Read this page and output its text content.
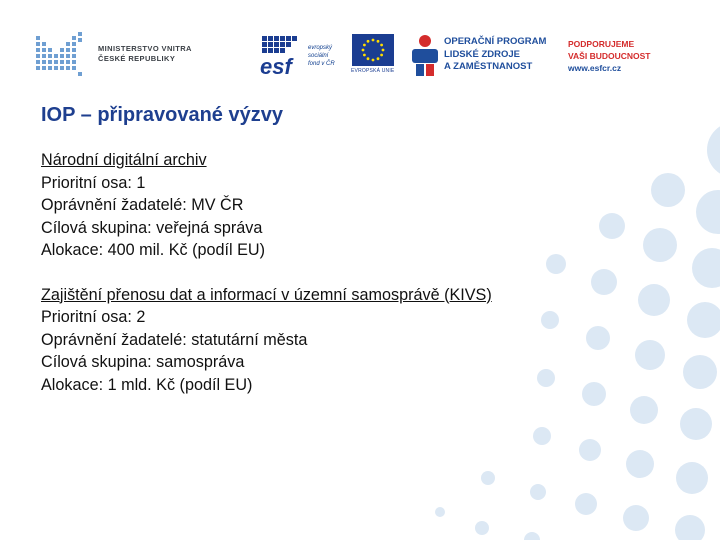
MINISTERSTVO VNITRA
ČESKÉ REPUBLIKY	esf
evropský
sociální
fond v ČR
EVROPSKÁ UNIE
OPERAČNÍ PROGRAM
LIDSKÉ ZDROJE
A ZAMĚSTNANOST
PODPORUJEME
VAŠI BUDOUCNOST
www.esfcr.cz
IOP – připravované výzvy
Národní digitální archiv
Prioritní osa: 1
Oprávnění žadatelé: MV ČR
Cílová skupina: veřejná správa
Alokace: 400 mil. Kč (podíl EU)
Zajištění přenosu dat a informací v územní samosprávě (KIVS)
Prioritní osa: 2
Oprávnění žadatelé: statutární města
Cílová skupina: samospráva
Alokace: 1 mld. Kč (podíl EU)
